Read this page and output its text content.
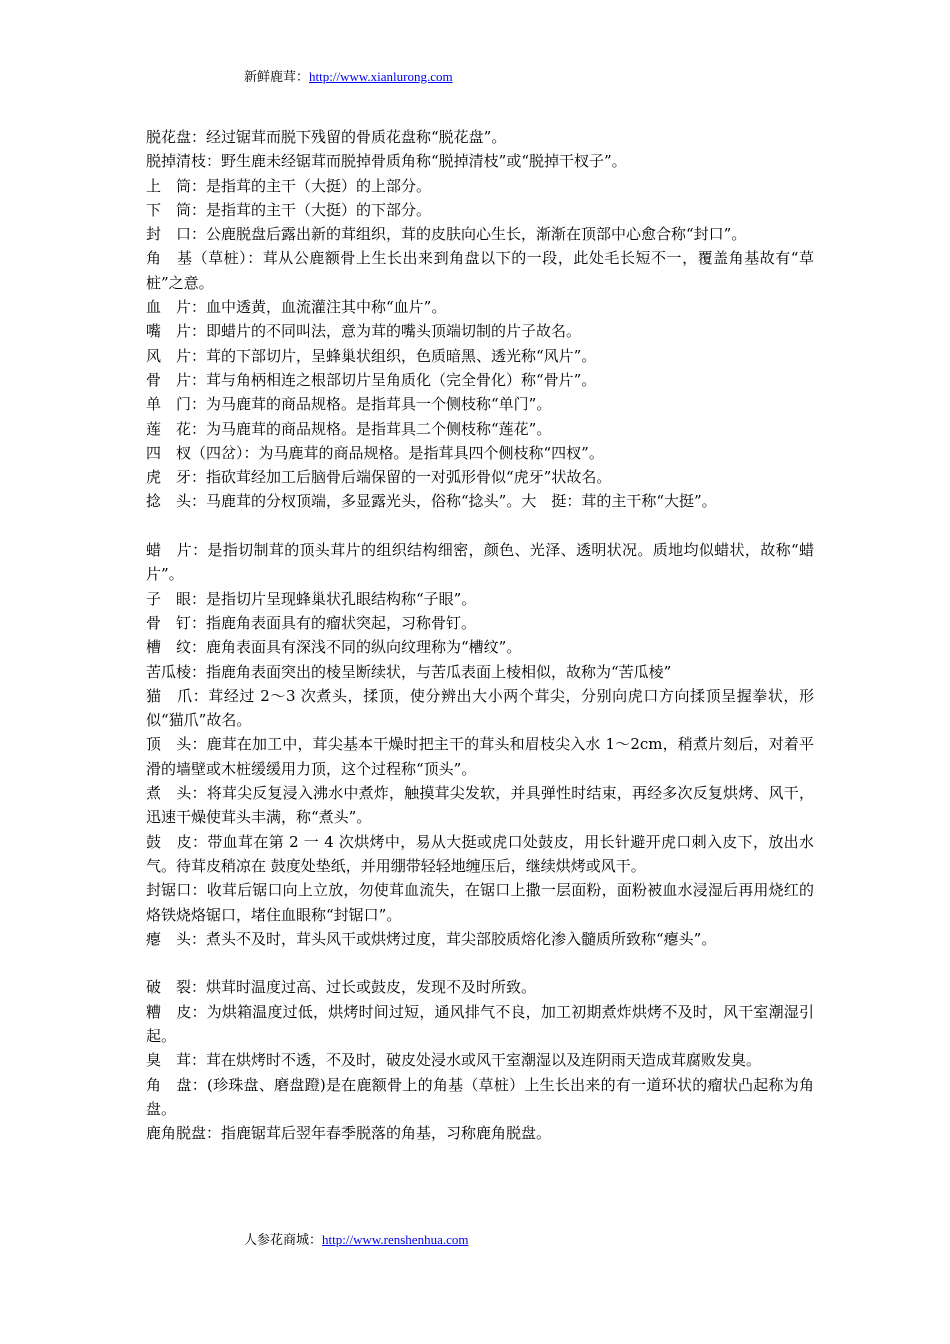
新鲜鹿茸：http://www.xianlurong.com

脱花盘：经过锯茸而脱下残留的骨质花盘称“脱花盘”。

脱掉清枝：野生鹿未经锯茸而脱掉骨质角称“脱掉清枝”或“脱掉干杈子”。

上　筒：是指茸的主干（大挺）的上部分。

下　筒：是指茸的主干（大挺）的下部分。

封　口：公鹿脱盘后露出新的茸组织，茸的皮肤向心生长，渐渐在顶部中心愈合称“封口”。

角　基（草桩）：茸从公鹿额骨上生长出来到角盘以下的一段，此处毛长短不一，覆盖角基故有“草桩”之意。

血　片：血中透黄，血流灌注其中称“血片”。

嘴　片：即蜡片的不同叫法，意为茸的嘴头顶端切制的片子故名。

风　片：茸的下部切片，呈蜂巢状组织，色质暗黑、透光称“风片”。

骨　片：茸与角柄相连之根部切片呈角质化（完全骨化）称“骨片”。

单　门：为马鹿茸的商品规格。是指茸具一个侧枝称“单门”。

莲　花：为马鹿茸的商品规格。是指茸具二个侧枝称“莲花”。

四　杈（四岔）：为马鹿茸的商品规格。是指茸具四个侧枝称“四杈”。

虎　牙：指砍茸经加工后脑骨后端保留的一对弧形骨似“虎牙”状故名。

捻　头：马鹿茸的分杈顶端，多显露光头，俗称“捻头”。大　挺：茸的主干称“大挺”。

蜡　片：是指切制茸的顶头茸片的组织结构细密，颜色、光泽、透明状况。质地均似蜡状，故称“蜡片”。

子　眼：是指切片呈现蜂巢状孔眼结构称“子眼”。

骨　钉：指鹿角表面具有的瘤状突起，习称骨钉。

槽　纹：鹿角表面具有深浅不同的纵向纹理称为“槽纹”。

苦瓜棱：指鹿角表面突出的棱呈断续状，与苦瓜表面上棱相似，故称为“苦瓜棱”

猫　爪：茸经过 2～3 次煮头，揉顶，使分辨出大小两个茸尖，分别向虎口方向揉顶呈握拳状，形似“猫爪”故名。

顶　头：鹿茸在加工中，茸尖基本干燥时把主干的茸头和眉枝尖入水 1～2cm，稍煮片刻后，对着平滑的墙壁或木桩缓缓用力顶，这个过程称“顶头”。

煮　头：将茸尖反复浸入沸水中煮炸，触摸茸尖发软，并具弹性时结束，再经多次反复烘烤、风干，迅速干燥使茸头丰满，称“煮头”。

鼓　皮：带血茸在第 2 一 4 次烘烤中，易从大挺或虎口处鼓皮，用长针避开虎口刺入皮下，放出水气。待茸皮稍凉在 鼓度处垫纸，并用绷带轻轻地缠压后，继续烘烤或风干。

封锯口：收茸后锯口向上立放，勿使茸血流失，在锯口上撒一层面粉，面粉被血水浸湿后再用烧红的烙铁烧烙锯口，堵住血眼称“封锯口”。

瘪　头：煮头不及时，茸头风干或烘烤过度，茸尖部胶质熔化渗入髓质所致称“瘪头”。

破　裂：烘茸时温度过高、过长或鼓皮，发现不及时所致。

糟　皮：为烘箱温度过低，烘烤时间过短，通风排气不良，加工初期煮炸烘烤不及时，风干室潮湿引起。

臭　茸：茸在烘烤时不透，不及时，破皮处浸水或风干室潮湿以及连阴雨天造成茸腐败发臭。

角　盘：(珍珠盘、磨盘蹬)是在鹿额骨上的角基（草桩）上生长出来的有一道环状的瘤状凸起称为角盘。

鹿角脱盘：指鹿锯茸后翌年春季脱落的角基，习称鹿角脱盘。

人参花商城：http://www.renshenhua.com
